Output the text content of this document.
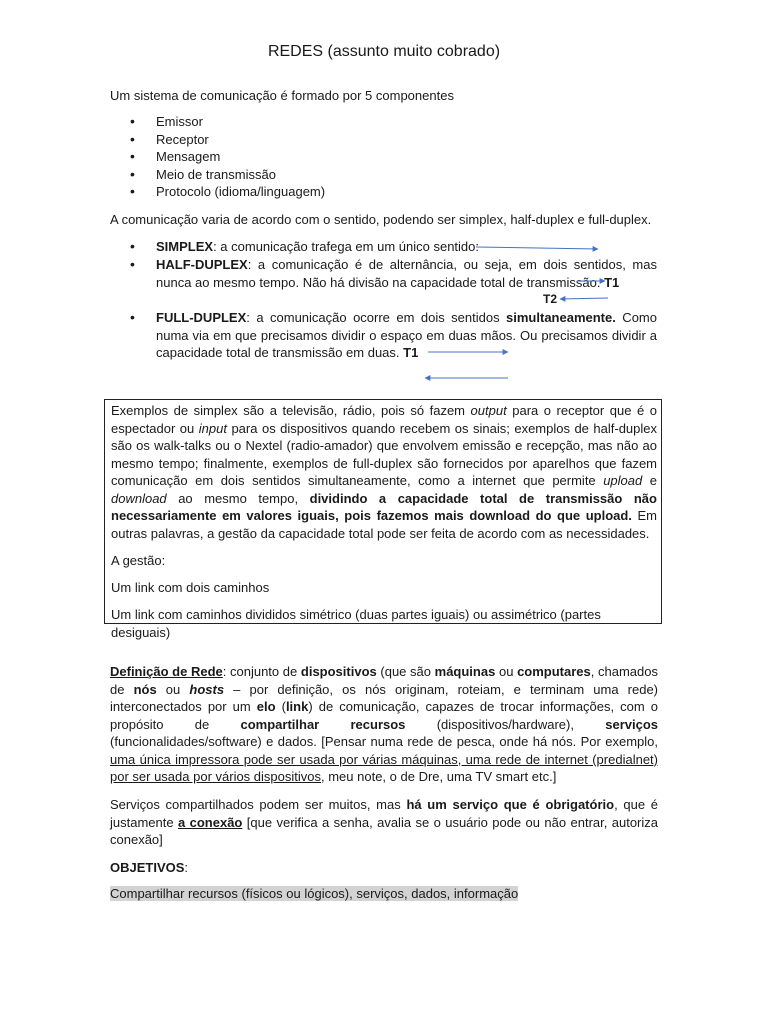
REDES (assunto muito cobrado)
Um sistema de comunicação é formado por 5 componentes
• Emissor
• Receptor
• Mensagem
• Meio de transmissão
• Protocolo (idioma/linguagem)
A comunicação varia de acordo com o sentido, podendo ser simplex, half-duplex e full-duplex.
• SIMPLEX: a comunicação trafega em um único sentido:
• HALF-DUPLEX: a comunicação é de alternância, ou seja, em dois sentidos, mas nunca ao mesmo tempo. Não há divisão na capacidade total de transmissão. T1
T2
• FULL-DUPLEX: a comunicação ocorre em dois sentidos simultaneamente. Como numa via em que precisamos dividir o espaço em duas mãos. Ou precisamos dividir a capacidade total de transmissão em duas. T1
Exemplos de simplex são a televisão, rádio, pois só fazem output para o receptor que é o espectador ou input para os dispositivos quando recebem os sinais; exemplos de half-duplex são os walk-talks ou o Nextel (radio-amador) que envolvem emissão e recepção, mas não ao mesmo tempo; finalmente, exemplos de full-duplex são fornecidos por aparelhos que fazem comunicação em dois sentidos simultaneamente, como a internet que permite upload e download ao mesmo tempo, dividindo a capacidade total de transmissão não necessariamente em valores iguais, pois fazemos mais download do que upload. Em outras palavras, a gestão da capacidade total pode ser feita de acordo com as necessidades.
A gestão:
Um link com dois caminhos
Um link com caminhos divididos simétrico (duas partes iguais) ou assimétrico (partes desiguais)
Definição de Rede: conjunto de dispositivos (que são máquinas ou computares, chamados de nós ou hosts – por definição, os nós originam, roteiam, e terminam uma rede) interconectados por um elo (link) de comunicação, capazes de trocar informações, com o propósito de compartilhar recursos (dispositivos/hardware), serviços (funcionalidades/software) e dados. [Pensar numa rede de pesca, onde há nós. Por exemplo, uma única impressora pode ser usada por várias máquinas, uma rede de internet (predialnet) por ser usada por vários dispositivos, meu note, o de Dre, uma TV smart etc.]
Serviços compartilhados podem ser muitos, mas há um serviço que é obrigatório, que é justamente a conexão [que verifica a senha, avalia se o usuário pode ou não entrar, autoriza conexão]
OBJETIVOS:
Compartilhar recursos (físicos ou lógicos), serviços, dados, informação
